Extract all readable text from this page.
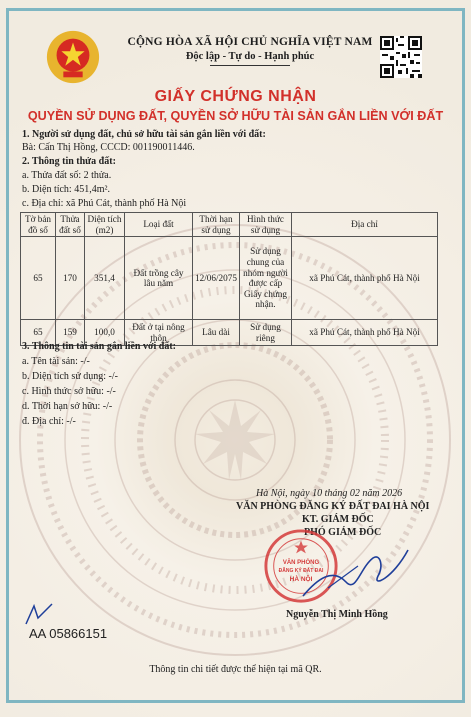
CỘNG HÒA XÃ HỘI CHỦ NGHĨA VIỆT NAM
Độc lập - Tự do - Hạnh phúc
GIẤY CHỨNG NHẬN
QUYỀN SỬ DỤNG ĐẤT, QUYỀN SỞ HỮU TÀI SẢN GẮN LIỀN VỚI ĐẤT
1. Người sử dụng đất, chủ sở hữu tài sản gắn liền với đất:
Bà: Cấn Thị Hồng, CCCD: 001190011446.
2. Thông tin thửa đất:
a. Thửa đất số: 2 thửa.
b. Diện tích: 451,4m².
c. Địa chỉ: xã Phú Cát, thành phố Hà Nội
Tờ bản đồ số	Thửa đất số	Diện tích (m2)	Loại đất	Thời hạn sử dụng	Hình thức sử dụng	Địa chỉ
65	170	351,4	Đất trồng cây lâu năm	12/06/2075	Sử dụng chung của nhóm người được cấp Giấy chứng nhận.	xã Phú Cát, thành phố Hà Nội
65	159	100,0	Đất ở tại nông thôn	Lâu dài	Sử dụng riêng	xã Phú Cát, thành phố Hà Nội
3. Thông tin tài sản gắn liền với đất:
a. Tên tài sản: -/-
b. Diện tích sử dụng: -/-
c. Hình thức sở hữu: -/-
d. Thời hạn sở hữu: -/-
đ. Địa chỉ: -/-
Hà Nội, ngày 10 tháng 02 năm 2026
VĂN PHÒNG ĐĂNG KÝ ĐẤT ĐAI HÀ NỘI
KT. GIÁM ĐỐC
PHÓ GIÁM ĐỐC
VĂN PHÒNG
ĐĂNG KÝ ĐẤT ĐAI
HÀ NỘI
Nguyễn Thị Minh Hồng
AA 05866151
Thông tin chi tiết được thể hiện tại mã QR.
